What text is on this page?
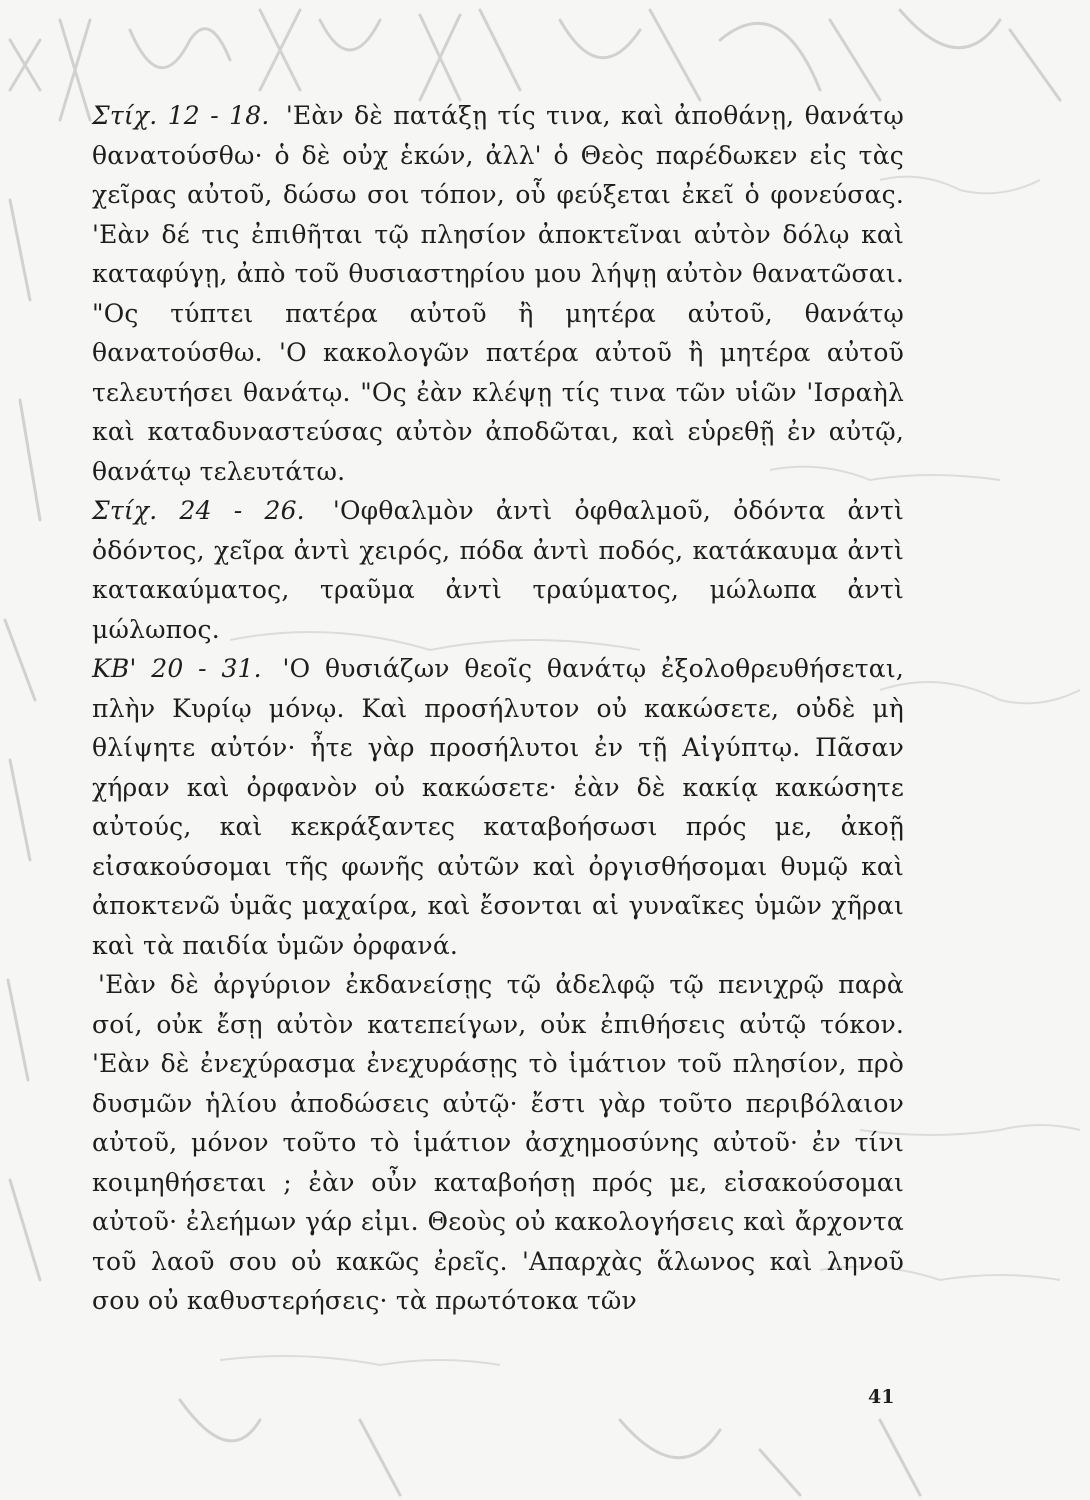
Στίχ. 12 - 18. 'Εὰν δὲ πατάξῃ τίς τινα, καὶ ἀποθάνῃ, θανάτῳ θανατούσθω· ὁ δὲ οὐχ ἑκών, ἀλλ' ὁ Θεὸς παρέδωκεν εἰς τὰς χεῖρας αὐτοῦ, δώσω σοι τόπον, οὗ φεύξεται ἐκεῖ ὁ φονεύσας. 'Εὰν δέ τις ἐπιθῆται τῷ πλησίον ἀποκτεῖναι αὐτὸν δόλῳ καὶ καταφύγῃ, ἀπὸ τοῦ θυσιαστηρίου μου λήψῃ αὐτὸν θανατῶσαι. "Ος τύπτει πατέρα αὐτοῦ ἢ μητέρα αὐτοῦ, θανάτῳ θανατούσθω. 'Ο κακολογῶν πατέρα αὐτοῦ ἢ μητέρα αὐτοῦ τελευτήσει θανάτῳ. "Ος ἐὰν κλέψῃ τίς τινα τῶν υἱῶν 'Ισραὴλ καὶ καταδυναστεύσας αὐτὸν ἀποδῶται, καὶ εὑρεθῇ ἐν αὐτῷ, θανάτῳ τελευτάτω.

Στίχ. 24 - 26. 'Οφθαλμὸν ἀντὶ ὀφθαλμοῦ, ὀδόντα ἀντὶ ὀδόντος, χεῖρα ἀντὶ χειρός, πόδα ἀντὶ ποδός, κατάκαυμα ἀντὶ κατακαύματος, τραῦμα ἀντὶ τραύματος, μώλωπα ἀντὶ μώλωπος.

ΚΒ' 20 - 31. 'Ο θυσιάζων θεοῖς θανάτῳ ἐξολοθρευθήσεται, πλὴν Κυρίῳ μόνῳ. Καὶ προσήλυτον οὐ κακώσετε, οὐδὲ μὴ θλίψητε αὐτόν· ἦτε γὰρ προσήλυτοι ἐν τῇ Αἰγύπτῳ. Πᾶσαν χήραν καὶ ὀρφανὸν οὐ κακώσετε· ἐὰν δὲ κακίᾳ κακώσητε αὐτούς, καὶ κεκράξαντες καταβοήσωσι πρός με, ἀκοῇ εἰσακούσομαι τῆς φωνῆς αὐτῶν καὶ ὀργισθήσομαι θυμῷ καὶ ἀποκτενῶ ὑμᾶς μαχαίρα, καὶ ἔσονται αἱ γυναῖκες ὑμῶν χῆραι καὶ τὰ παιδία ὑμῶν ὀρφανά.

'Εὰν δὲ ἀργύριον ἐκδανείσῃς τῷ ἀδελφῷ τῷ πενιχρῷ παρὰ σοί, οὐκ ἔσῃ αὐτὸν κατεπείγων, οὐκ ἐπιθήσεις αὐτῷ τόκον. 'Εὰν δὲ ἐνεχύρασμα ἐνεχυράσῃς τὸ ἱμάτιον τοῦ πλησίον, πρὸ δυσμῶν ἡλίου ἀποδώσεις αὐτῷ· ἔστι γὰρ τοῦτο περιβόλαιον αὐτοῦ, μόνον τοῦτο τὸ ἱμάτιον ἀσχημοσύνης αὐτοῦ· ἐν τίνι κοιμηθήσεται ; ἐὰν οὖν καταβοήσῃ πρός με, εἰσακούσομαι αὐτοῦ· ἐλεήμων γάρ εἰμι. Θεοὺς οὐ κακολογήσεις καὶ ἄρχοντα τοῦ λαοῦ σου οὐ κακῶς ἐρεῖς. 'Απαρχὰς ἅλωνος καὶ ληνοῦ σου οὐ καθυστερήσεις· τὰ πρωτότοκα τῶν

41
